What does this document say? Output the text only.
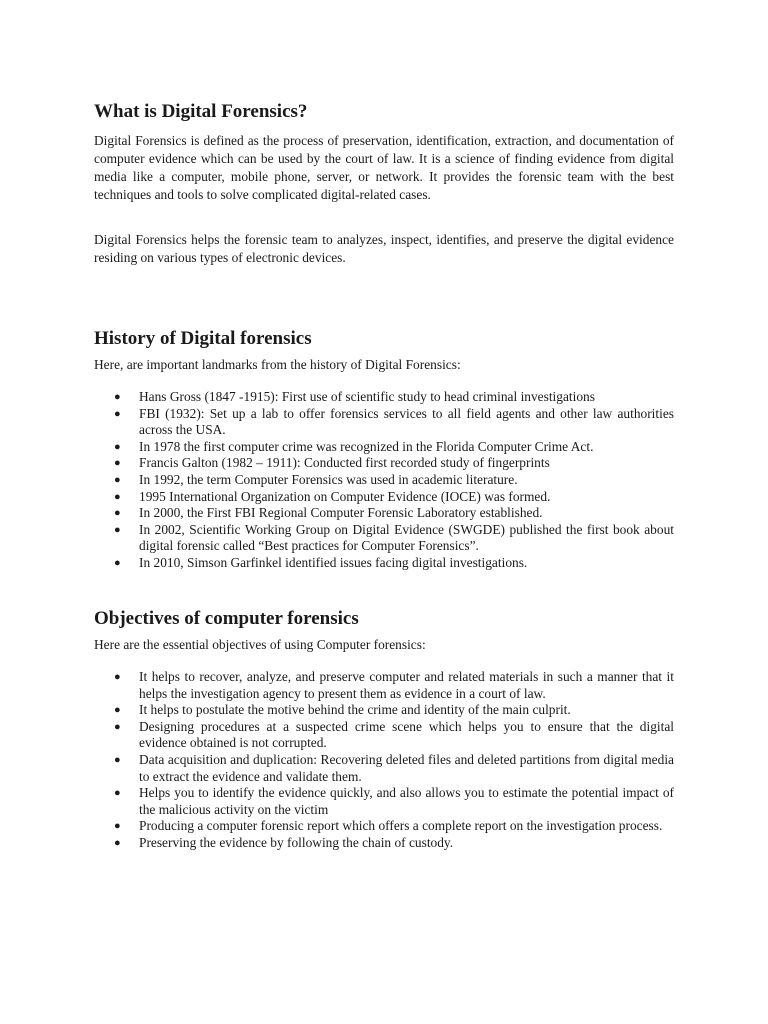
What is Digital Forensics?

Digital Forensics is defined as the process of preservation, identification, extraction, and documentation of computer evidence which can be used by the court of law. It is a science of finding evidence from digital media like a computer, mobile phone, server, or network. It provides the forensic team with the best techniques and tools to solve complicated digital-related cases.

Digital Forensics helps the forensic team to analyzes, inspect, identifies, and preserve the digital evidence residing on various types of electronic devices.

History of Digital forensics

Here, are important landmarks from the history of Digital Forensics:

● Hans Gross (1847 -1915): First use of scientific study to head criminal investigations
● FBI (1932): Set up a lab to offer forensics services to all field agents and other law authorities across the USA.
● In 1978 the first computer crime was recognized in the Florida Computer Crime Act.
● Francis Galton (1982 – 1911): Conducted first recorded study of fingerprints
● In 1992, the term Computer Forensics was used in academic literature.
● 1995 International Organization on Computer Evidence (IOCE) was formed.
● In 2000, the First FBI Regional Computer Forensic Laboratory established.
● In 2002, Scientific Working Group on Digital Evidence (SWGDE) published the first book about digital forensic called “Best practices for Computer Forensics”.
● In 2010, Simson Garfinkel identified issues facing digital investigations.
Objectives of computer forensics

Here are the essential objectives of using Computer forensics:

● It helps to recover, analyze, and preserve computer and related materials in such a manner that it helps the investigation agency to present them as evidence in a court of law.
● It helps to postulate the motive behind the crime and identity of the main culprit.
● Designing procedures at a suspected crime scene which helps you to ensure that the digital evidence obtained is not corrupted.
● Data acquisition and duplication: Recovering deleted files and deleted partitions from digital media to extract the evidence and validate them.
● Helps you to identify the evidence quickly, and also allows you to estimate the potential impact of the malicious activity on the victim
● Producing a computer forensic report which offers a complete report on the investigation process.
● Preserving the evidence by following the chain of custody.
